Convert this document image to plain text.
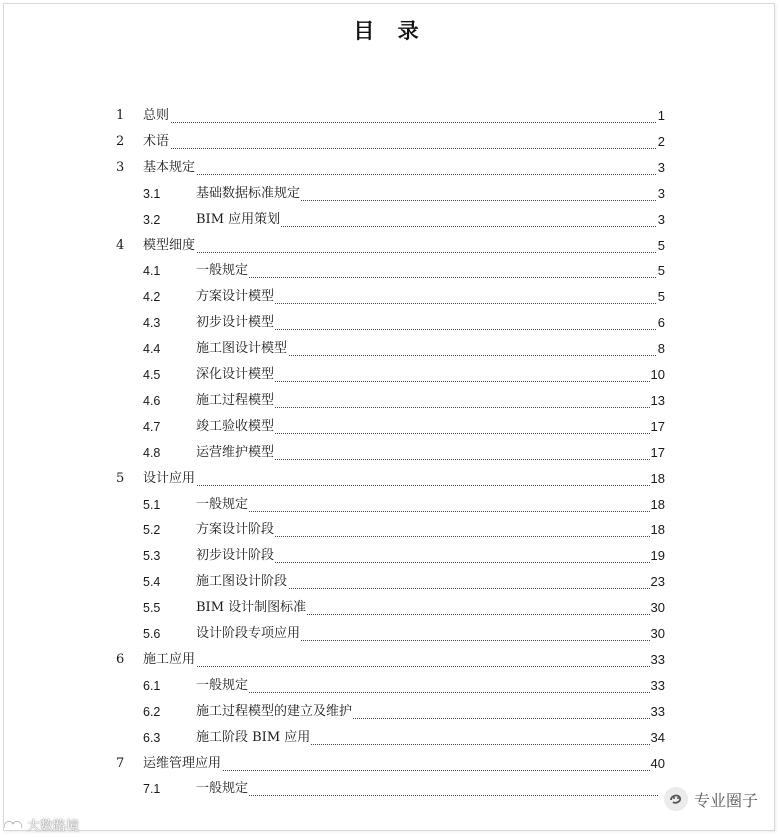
目 录
1 总则	1
2 术语	2
3 基本规定	3
3.1	基础数据标准规定	3
3.2	BIM 应用策划	3
4 模型细度	5
4.1	一般规定	5
4.2	方案设计模型	5
4.3	初步设计模型	6
4.4	施工图设计模型	8
4.5	深化设计模型	10
4.6	施工过程模型	13
4.7	竣工验收模型	17
4.8	运营维护模型	17
5 设计应用	18
5.1	一般规定	18
5.2	方案设计阶段	18
5.3	初步设计阶段	19
5.4	施工图设计阶段	23
5.5	BIM 设计制图标准	30
5.6	设计阶段专项应用	30
6 施工应用	33
6.1	一般规定	33
6.2	施工过程模型的建立及维护	33
6.3	施工阶段 BIM 应用	34
7 运维管理应用	40
7.1	一般规定
大数路境
专业圈子
